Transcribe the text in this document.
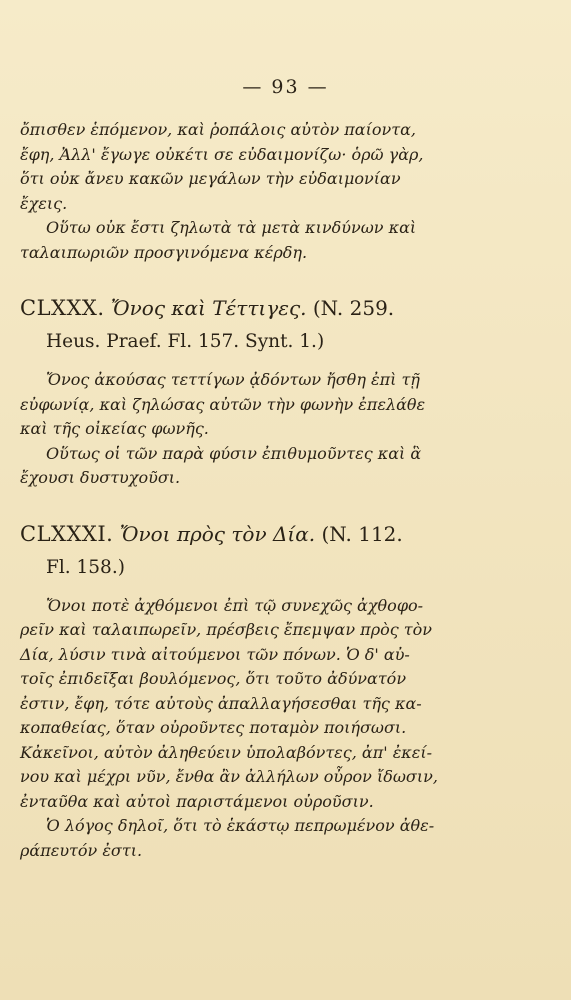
— 93 —
ὄπισθεν ἑπόμενον, καὶ ῥοπάλοις αὐτὸν παίοντα,
ἔφη, Ἀλλ' ἔγωγε οὐκέτι σε εὐδαιμονίζω· ὁρῶ γὰρ,
ὅτι οὐκ ἄνευ κακῶν μεγάλων τὴν εὐδαιμονίαν
ἔχεις.
Οὕτω οὐκ ἔστι ζηλωτὰ τὰ μετὰ κινδύνων καὶ
ταλαιπωριῶν προσγινόμενα κέρδη.
CLXXX. Ὄνος καὶ Τέττιγες. (N. 259.
Heus. Praef. Fl. 157. Synt. 1.)
Ὄνος ἀκούσας τεττίγων ᾀδόντων ἤσθη ἐπὶ τῇ
εὐφωνίᾳ, καὶ ζηλώσας αὐτῶν τὴν φωνὴν ἐπελάθε
καὶ τῆς οἰκείας φωνῆς.
Οὕτως οἱ τῶν παρὰ φύσιν ἐπιθυμοῦντες καὶ ἃ
ἔχουσι δυστυχοῦσι.
CLXXXI. Ὄνοι πρὸς τὸν Δία. (N. 112.
Fl. 158.)
Ὄνοι ποτὲ ἀχθόμενοι ἐπὶ τῷ συνεχῶς ἀχθοφο-
ρεῖν καὶ ταλαιπωρεῖν, πρέσβεις ἔπεμψαν πρὸς τὸν
Δία, λύσιν τινὰ αἰτούμενοι τῶν πόνων. Ὁ δ' αὐ-
τοῖς ἐπιδεῖξαι βουλόμενος, ὅτι τοῦτο ἀδύνατόν
ἐστιν, ἔφη, τότε αὐτοὺς ἀπαλλαγήσεσθαι τῆς κα-
κοπαθείας, ὅταν οὐροῦντες ποταμὸν ποιήσωσι.
Κἀκεῖνοι, αὐτὸν ἀληθεύειν ὑπολαβόντες, ἀπ' ἐκεί-
νου καὶ μέχρι νῦν, ἔνθα ἂν ἀλλήλων οὖρον ἴδωσιν,
ἐνταῦθα καὶ αὐτοὶ παριστάμενοι οὐροῦσιν.
Ὁ λόγος δηλοῖ, ὅτι τὸ ἑκάστῳ πεπρωμένον ἀθε-
ράπευτόν ἐστι.
